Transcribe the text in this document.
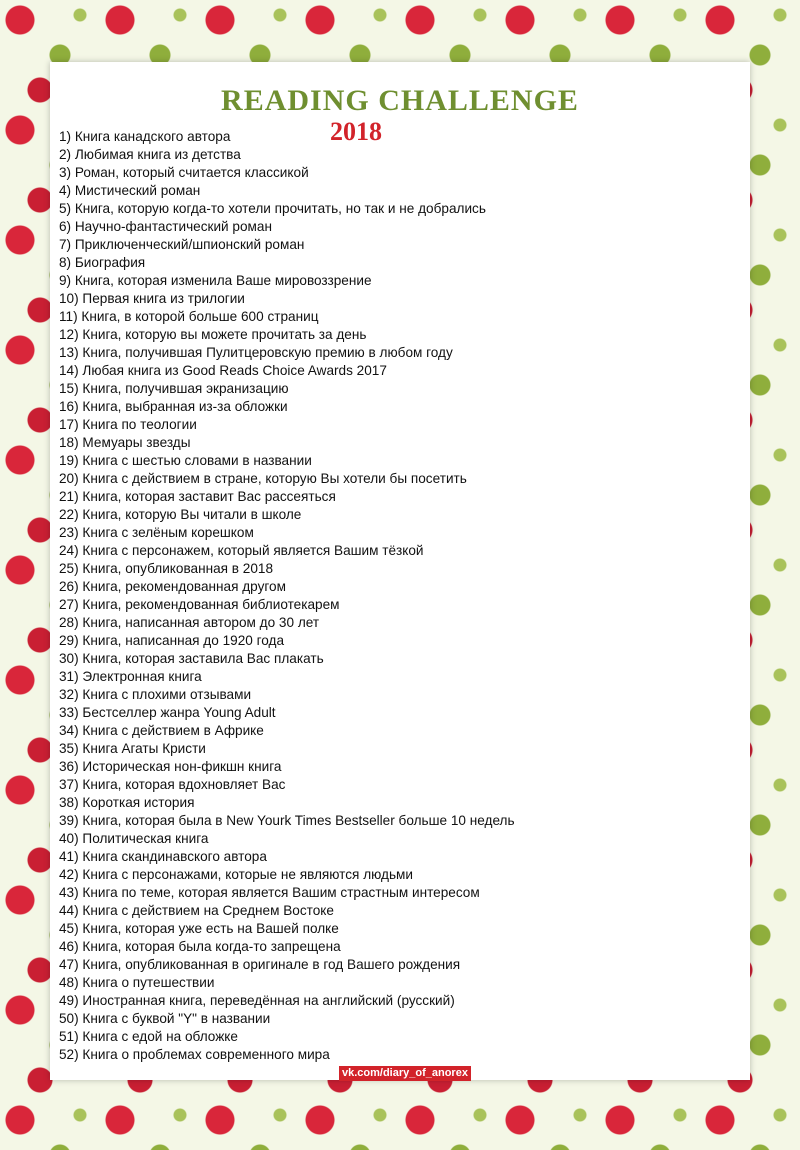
READING CHALLENGE
2018
1) Книга канадского автора
2) Любимая книга из детства
3) Роман, который считается классикой
4) Мистический роман
5) Книга, которую когда-то хотели прочитать, но так и не добрались
6) Научно-фантастический роман
7) Приключенческий/шпионский роман
8) Биография
9) Книга, которая изменила Ваше мировоззрение
10) Первая книга из трилогии
11) Книга, в которой больше 600 страниц
12) Книга, которую вы можете прочитать за день
13) Книга, получившая Пулитцеровскую премию в любом году
14) Любая книга из Good Reads Choice Awards 2017
15) Книга, получившая экранизацию
16) Книга, выбранная из-за обложки
17) Книга по теологии
18) Мемуары звезды
19) Книга с шестью словами в названии
20) Книга с действием в стране, которую Вы хотели бы посетить
21) Книга, которая заставит Вас рассеяться
22) Книга, которую Вы читали в школе
23) Книга с зелёным корешком
24) Книга с персонажем, который является Вашим тёзкой
25) Книга, опубликованная в 2018
26) Книга, рекомендованная другом
27) Книга, рекомендованная библиотекарем
28) Книга, написанная автором до 30 лет
29) Книга, написанная до 1920 года
30) Книга, которая заставила Вас плакать
31) Электронная книга
32) Книга с плохими отзывами
33) Бестселлер жанра Young Adult
34) Книга с действием в Африке
35) Книга Агаты Кристи
36) Историческая нон-фикшн книга
37) Книга, которая вдохновляет Вас
38) Короткая история
39) Книга, которая была в New Yourk Times Bestseller больше 10 недель
40) Политическая книга
41) Книга скандинавского автора
42) Книга с персонажами, которые не являются людьми
43) Книга по теме, которая является Вашим страстным интересом
44) Книга с действием на Среднем Востоке
45) Книга, которая уже есть на Вашей полке
46) Книга, которая была когда-то запрещена
47) Книга, опубликованная в оригинале в год Вашего рождения
48) Книга о путешествии
49) Иностранная книга, переведённая на английский (русский)
50) Книга с буквой "Y" в названии
51) Книга с едой на обложке
52) Книга о проблемах современного мира
vk.com/diary_of_anorex
